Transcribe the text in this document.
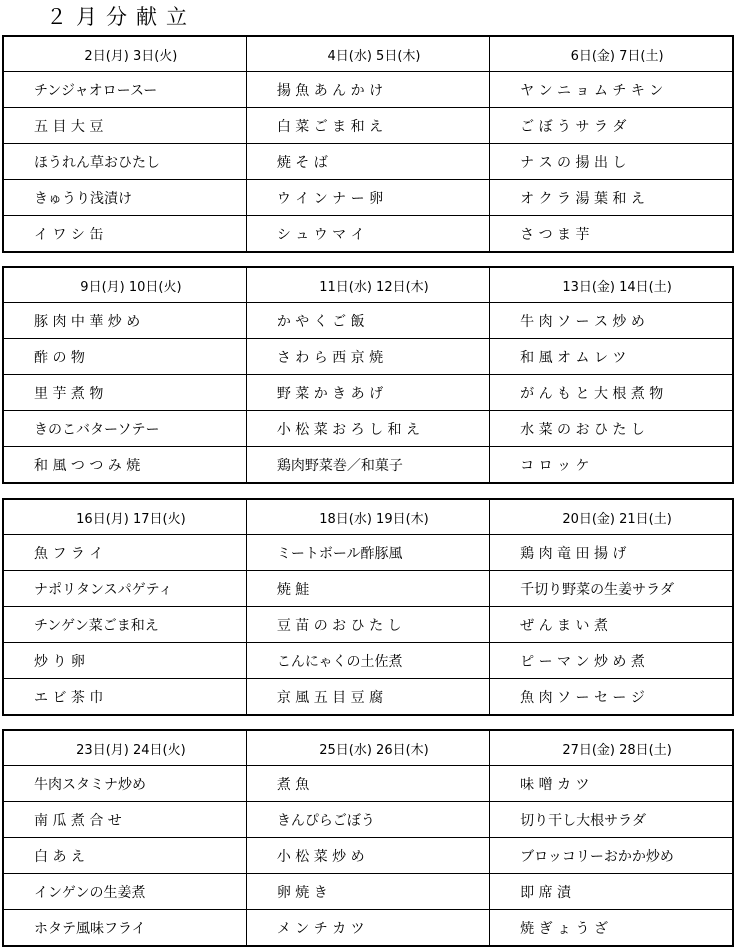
２月分献立
2日(月) 3日(火)	4日(水) 5日(木)	6日(金) 7日(土)
チンジャオロースー	揚 魚 あ ん か け	ヤ ン ニ ョ ム チ キ ン
五 目 大 豆	白 菜 ご ま 和 え	ご ぼ う サ ラ ダ
ほうれん草おひたし	焼 そ ば	ナ ス の 揚 出 し
きゅうり浅漬け	ウ イ ン ナ ー 卵	オ ク ラ 湯 葉 和 え
イ ワ シ 缶	シ ュ ウ マ イ	さ つ ま 芋
9日(月) 10日(火)	11日(水) 12日(木)	13日(金) 14日(土)
豚 肉 中 華 炒 め	か や く ご 飯	牛 肉 ソ ー ス 炒 め
酢 の 物	さ わ ら 西 京 焼	和 風 オ ム レ ツ
里 芋 煮 物	野 菜 か き あ げ	が ん も と 大 根 煮 物
きのこバターソテー	小 松 菜 お ろ し 和 え	水 菜 の お ひ た し
和 風 つ つ み 焼	鶏肉野菜巻／和菓子	コ ロ ッ ケ
16日(月) 17日(火)	18日(水) 19日(木)	20日(金) 21日(土)
魚 フ ラ イ	ミートボール酢豚風	鶏 肉 竜 田 揚 げ
ナポリタンスパゲティ	焼 鮭	千切り野菜の生姜サラダ
チンゲン菜ごま和え	豆 苗 の お ひ た し	ぜ ん ま い 煮
炒 り 卵	こんにゃくの土佐煮	ピ ー マ ン 炒 め 煮
エ ビ 茶 巾	京 風 五 目 豆 腐	魚 肉 ソ ー セ ー ジ
23日(月) 24日(火)	25日(水) 26日(木)	27日(金) 28日(土)
牛肉スタミナ炒め	煮 魚	味 噌 カ ツ
南 瓜 煮 合 せ	きんぴらごぼう	切り干し大根サラダ
白 あ え	小 松 菜 炒 め	ブロッコリーおかか炒め
インゲンの生姜煮	卵 焼 き	即 席 漬
ホタテ風味フライ	メ ン チ カ ツ	焼 ぎ ょ う ざ
